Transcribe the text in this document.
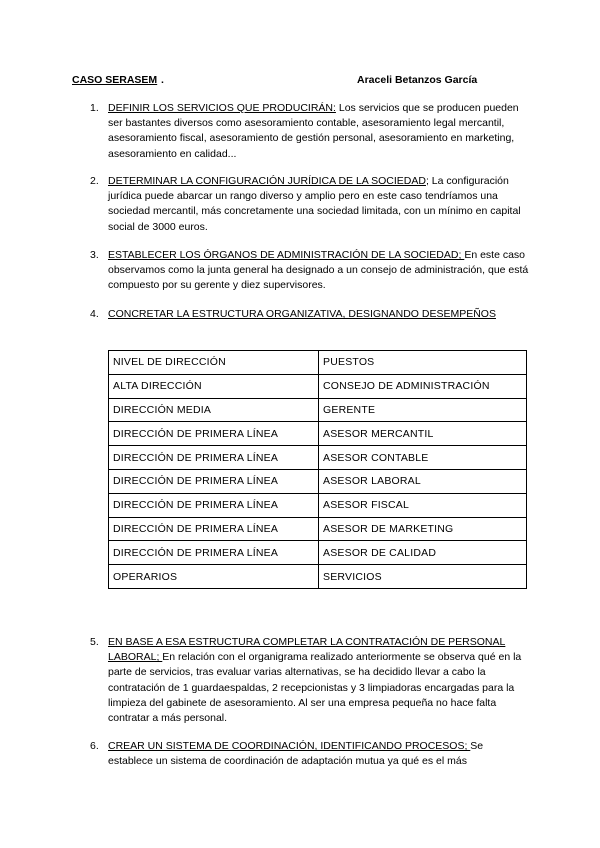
CASO SERASEM .	Araceli Betanzos García
1. DEFINIR LOS SERVICIOS QUE PRODUCIRÁN: Los servicios que se producen pueden ser bastantes diversos como asesoramiento contable, asesoramiento legal mercantil, asesoramiento fiscal, asesoramiento de gestión personal, asesoramiento en marketing, asesoramiento en calidad...
2. DETERMINAR LA CONFIGURACIÓN JURÍDICA DE LA SOCIEDAD; La configuración jurídica puede abarcar un rango diverso y amplio pero en este caso tendríamos una sociedad mercantil, más concretamente una sociedad limitada, con un mínimo en capital social de 3000 euros.
3. ESTABLECER LOS ÓRGANOS DE ADMINISTRACIÓN DE LA SOCIEDAD; En este caso observamos como la junta general ha designado a un consejo de administración, que está compuesto por su gerente y diez supervisores.
4. CONCRETAR LA ESTRUCTURA ORGANIZATIVA, DESIGNANDO DESEMPEÑOS
NIVEL DE DIRECCIÓN	PUESTOS
ALTA DIRECCIÓN	CONSEJO DE ADMINISTRACIÓN
DIRECCIÓN MEDIA	GERENTE
DIRECCIÓN DE PRIMERA LÍNEA	ASESOR MERCANTIL
DIRECCIÓN DE PRIMERA LÍNEA	ASESOR CONTABLE
DIRECCIÓN DE PRIMERA LÍNEA	ASESOR LABORAL
DIRECCIÓN DE PRIMERA LÍNEA	ASESOR FISCAL
DIRECCIÓN DE PRIMERA LÍNEA	ASESOR DE MARKETING
DIRECCIÓN DE PRIMERA LÍNEA	ASESOR DE CALIDAD
OPERARIOS	SERVICIOS
5. EN BASE A ESA ESTRUCTURA COMPLETAR LA CONTRATACIÓN DE PERSONAL LABORAL; En relación con el organigrama realizado anteriormente se observa qué en la parte de servicios, tras evaluar varias alternativas, se ha decidido llevar a cabo la contratación de 1 guardaespaldas, 2 recepcionistas y 3 limpiadoras encargadas para la limpieza del gabinete de asesoramiento. Al ser una empresa pequeña no hace falta contratar a más personal.
6. CREAR UN SISTEMA DE COORDINACIÓN, IDENTIFICANDO PROCESOS; Se establece un sistema de coordinación de adaptación mutua ya qué es el más
